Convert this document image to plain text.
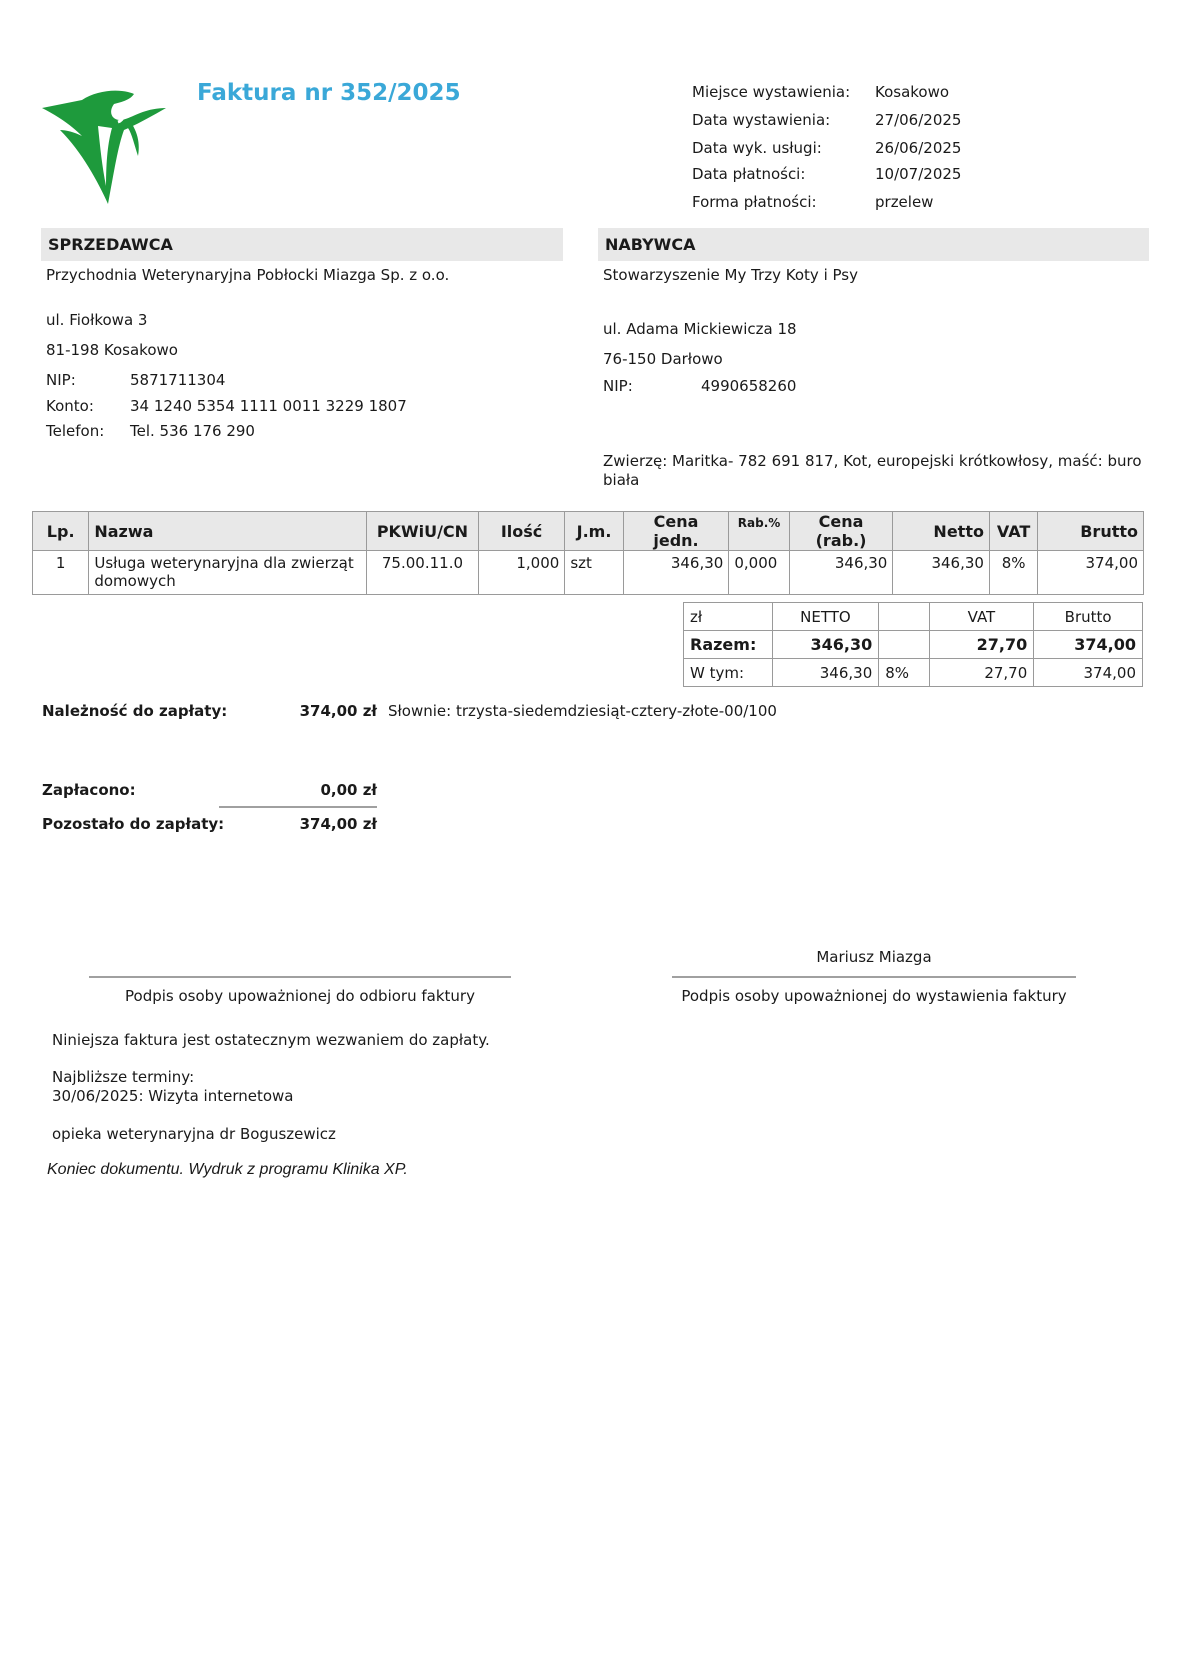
Faktura nr 352/2025	Miejsce wystawienia:	Kosakowo
Data wystawienia:	27/06/2025
Data wyk. usługi:	26/06/2025
Data płatności:	10/07/2025
Forma płatności:	przelew
SPRZEDAWCA
Przychodnia Weterynaryjna Pobłocki Miazga Sp. z o.o.
ul. Fiołkowa 3
81-198 Kosakowo
NIP:	5871711304
Konto:	34 1240 5354 1111 0011 3229 1807
Telefon:	Tel. 536 176 290
NABYWCA
Stowarzyszenie My Trzy Koty i Psy
ul. Adama Mickiewicza 18
76-150 Darłowo
NIP:	4990658260
Zwierzę: Maritka- 782 691 817, Kot, europejski krótkowłosy, maść: buro
biała
Lp.	Nazwa	PKWiU/CN	Ilość	J.m.	Cena jedn.	Rab.%	Cena (rab.)	Netto	VAT	Brutto
1	Usługa weterynaryjna dla zwierząt
domowych	75.00.11.0	1,000	szt	346,30	0,000	346,30	346,30	8%	374,00
zł	NETTO		VAT	Brutto
Razem:	346,30		27,70	374,00
W tym:	346,30	8%	27,70	374,00
Należność do zapłaty:	374,00 zł Słownie: trzysta-siedemdziesiąt-cztery-złote-00/100
Zapłacono:	0,00 zł
Pozostało do zapłaty:	374,00 zł
Mariusz Miazga
Podpis osoby upoważnionej do odbioru faktury	Podpis osoby upoważnionej do wystawienia faktury
Niniejsza faktura jest ostatecznym wezwaniem do zapłaty.
Najbliższe terminy:
30/06/2025: Wizyta internetowa
opieka weterynaryjna dr Boguszewicz
Koniec dokumentu. Wydruk z programu Klinika XP.
